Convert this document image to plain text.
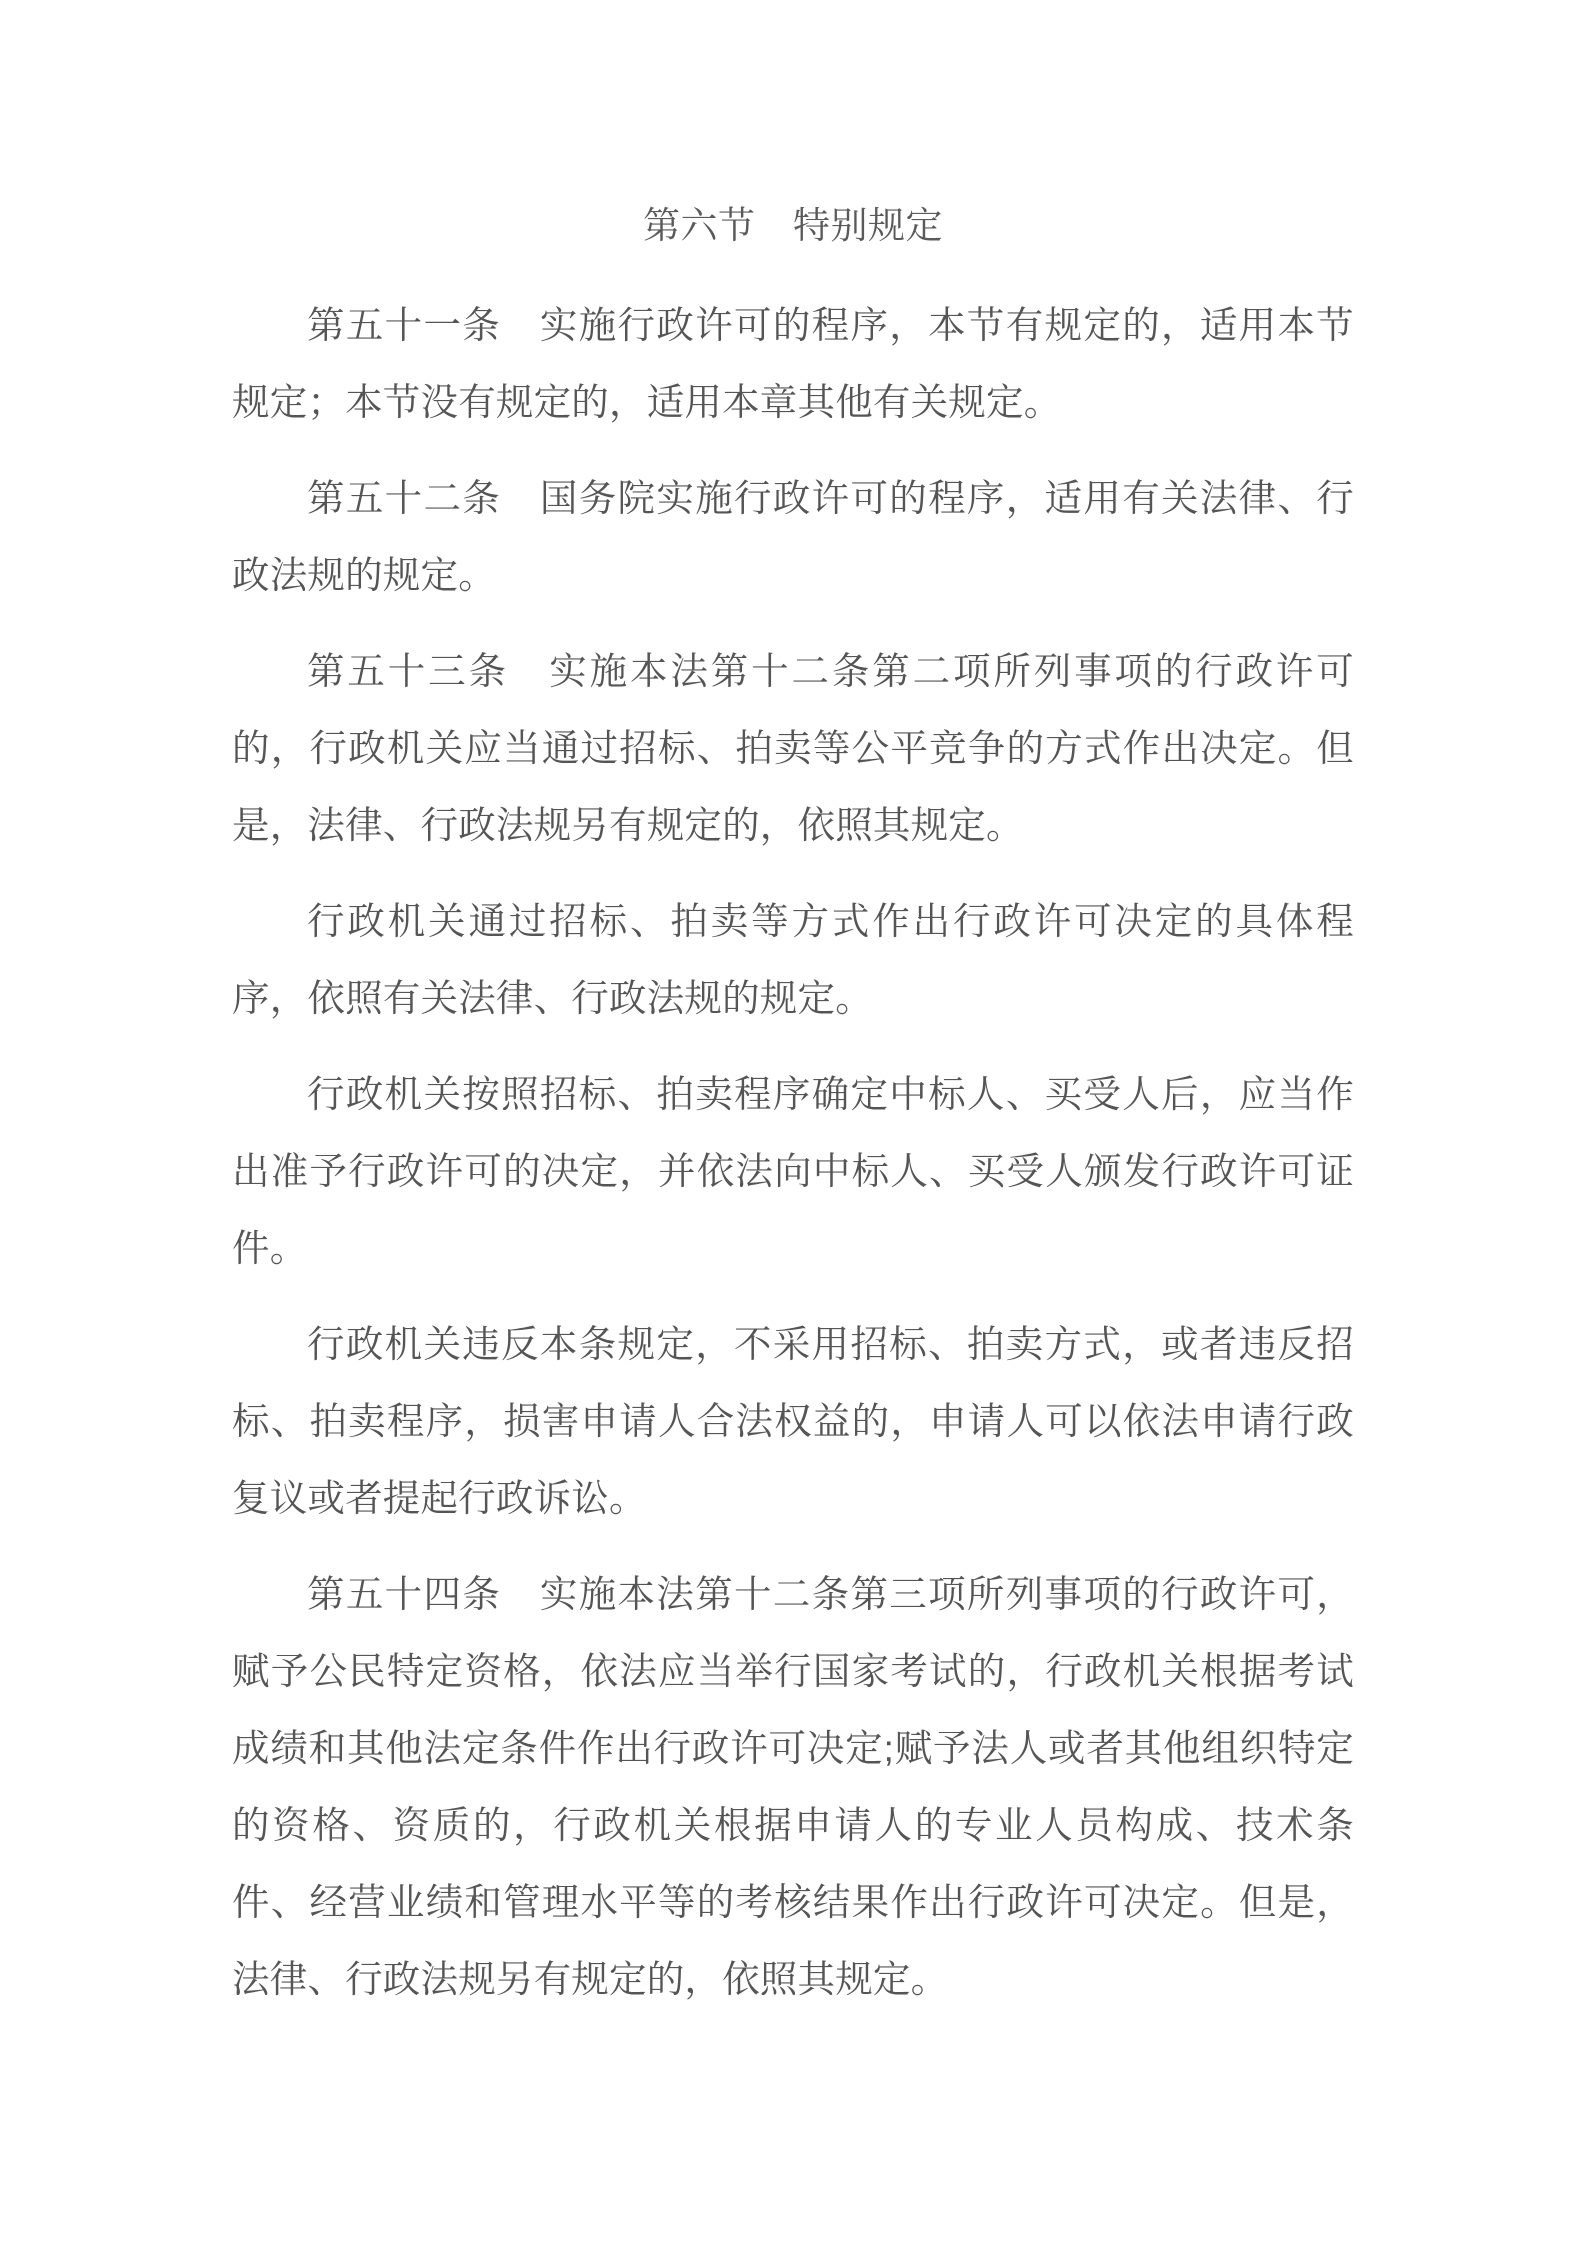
第六节　特别规定

第五十一条　实施行政许可的程序，本节有规定的，适用本节规定；本节没有规定的，适用本章其他有关规定。

第五十二条　国务院实施行政许可的程序，适用有关法律、行政法规的规定。

第五十三条　实施本法第十二条第二项所列事项的行政许可的，行政机关应当通过招标、拍卖等公平竞争的方式作出决定。但是，法律、行政法规另有规定的，依照其规定。

行政机关通过招标、拍卖等方式作出行政许可决定的具体程序，依照有关法律、行政法规的规定。

行政机关按照招标、拍卖程序确定中标人、买受人后，应当作出准予行政许可的决定，并依法向中标人、买受人颁发行政许可证件。

行政机关违反本条规定，不采用招标、拍卖方式，或者违反招标、拍卖程序，损害申请人合法权益的，申请人可以依法申请行政复议或者提起行政诉讼。

第五十四条　实施本法第十二条第三项所列事项的行政许可，赋予公民特定资格，依法应当举行国家考试的，行政机关根据考试成绩和其他法定条件作出行政许可决定;赋予法人或者其他组织特定的资格、资质的，行政机关根据申请人的专业人员构成、技术条件、经营业绩和管理水平等的考核结果作出行政许可决定。但是，法律、行政法规另有规定的，依照其规定。
